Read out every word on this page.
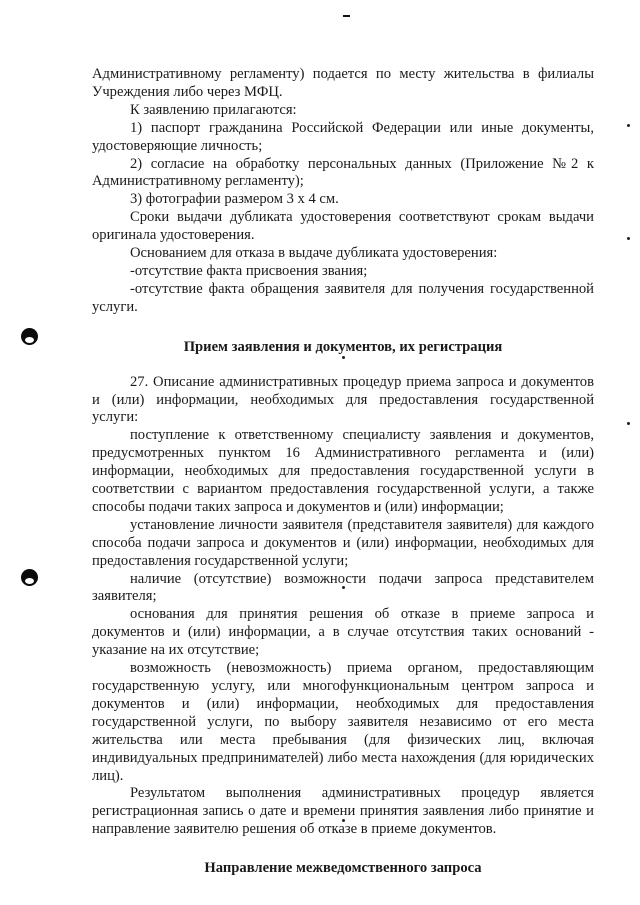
Административному регламенту) подается по месту жительства в филиалы Учреждения либо через МФЦ.

К заявлению прилагаются:

1) паспорт гражданина Российской Федерации или иные документы, удостоверяющие личность;

2) согласие на обработку персональных данных (Приложение №2 к Административному регламенту);

3) фотографии размером 3 х 4 см.

Сроки выдачи дубликата удостоверения соответствуют срокам выдачи оригинала удостоверения.

Основанием для отказа в выдаче дубликата удостоверения:

-отсутствие факта присвоения звания;

-отсутствие факта обращения заявителя для получения государственной услуги.

Прием заявления и документов, их регистрация

27. Описание административных процедур приема запроса и документов и (или) информации, необходимых для предоставления государственной услуги:

поступление к ответственному специалисту заявления и документов, предусмотренных пунктом 16 Административного регламента и (или) информации, необходимых для предоставления государственной услуги в соответствии с вариантом предоставления государственной услуги, а также способы подачи таких запроса и документов и (или) информации;

установление личности заявителя (представителя заявителя) для каждого способа подачи запроса и документов и (или) информации, необходимых для предоставления государственной услуги;

наличие (отсутствие) возможности подачи запроса представителем заявителя;

основания для принятия решения об отказе в приеме запроса и документов и (или) информации, а в случае отсутствия таких оснований - указание на их отсутствие;

возможность (невозможность) приема органом, предоставляющим государственную услугу, или многофункциональным центром запроса и документов и (или) информации, необходимых для предоставления государственной услуги, по выбору заявителя независимо от его места жительства или места пребывания (для физических лиц, включая индивидуальных предпринимателей) либо места нахождения (для юридических лиц).

Результатом выполнения административных процедур является регистрационная запись о дате и времени принятия заявления либо принятие и направление заявителю решения об отказе в приеме документов.

Направление межведомственного запроса
